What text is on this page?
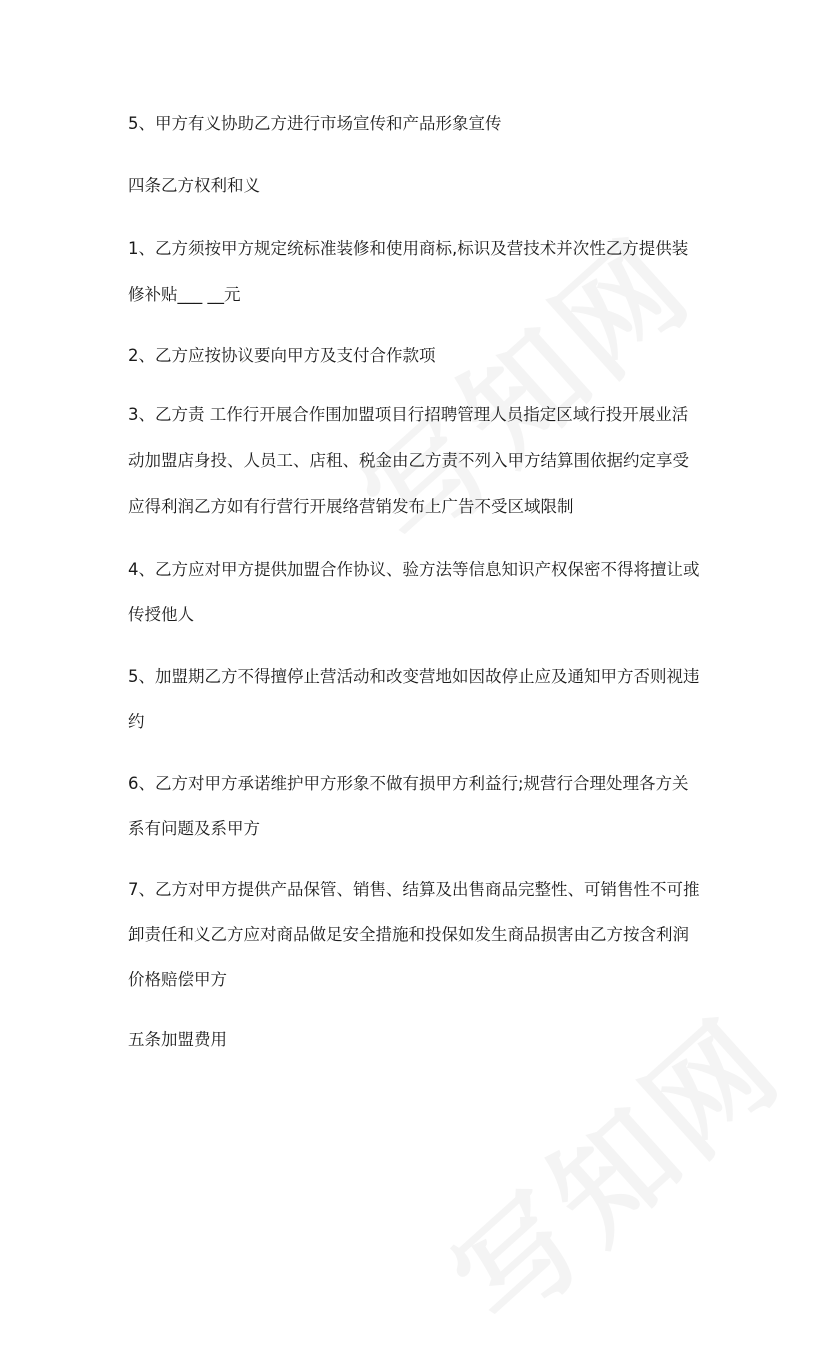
5、甲方有义协助乙方进行市场宣传和产品形象宣传
四条乙方权利和义
1、乙方须按甲方规定统标准装修和使用商标,标识及营技术并次性乙方提供装
修补贴___ __元
2、乙方应按协议要向甲方及支付合作款项
3、乙方责 工作行开展合作围加盟项目行招聘管理人员指定区域行投开展业活
动加盟店身投、人员工、店租、税金由乙方责不列入甲方结算围依据约定享受
应得利润乙方如有行营行开展络营销发布上广告不受区域限制
4、乙方应对甲方提供加盟合作协议、验方法等信息知识产权保密不得将擅让或
传授他人
5、加盟期乙方不得擅停止营活动和改变营地如因故停止应及通知甲方否则视违
约
6、乙方对甲方承诺维护甲方形象不做有损甲方利益行;规营行合理处理各方关
系有问题及系甲方
7、乙方对甲方提供产品保管、销售、结算及出售商品完整性、可销售性不可推
卸责任和义乙方应对商品做足安全措施和投保如发生商品损害由乙方按含利润
价格赔偿甲方
五条加盟费用
